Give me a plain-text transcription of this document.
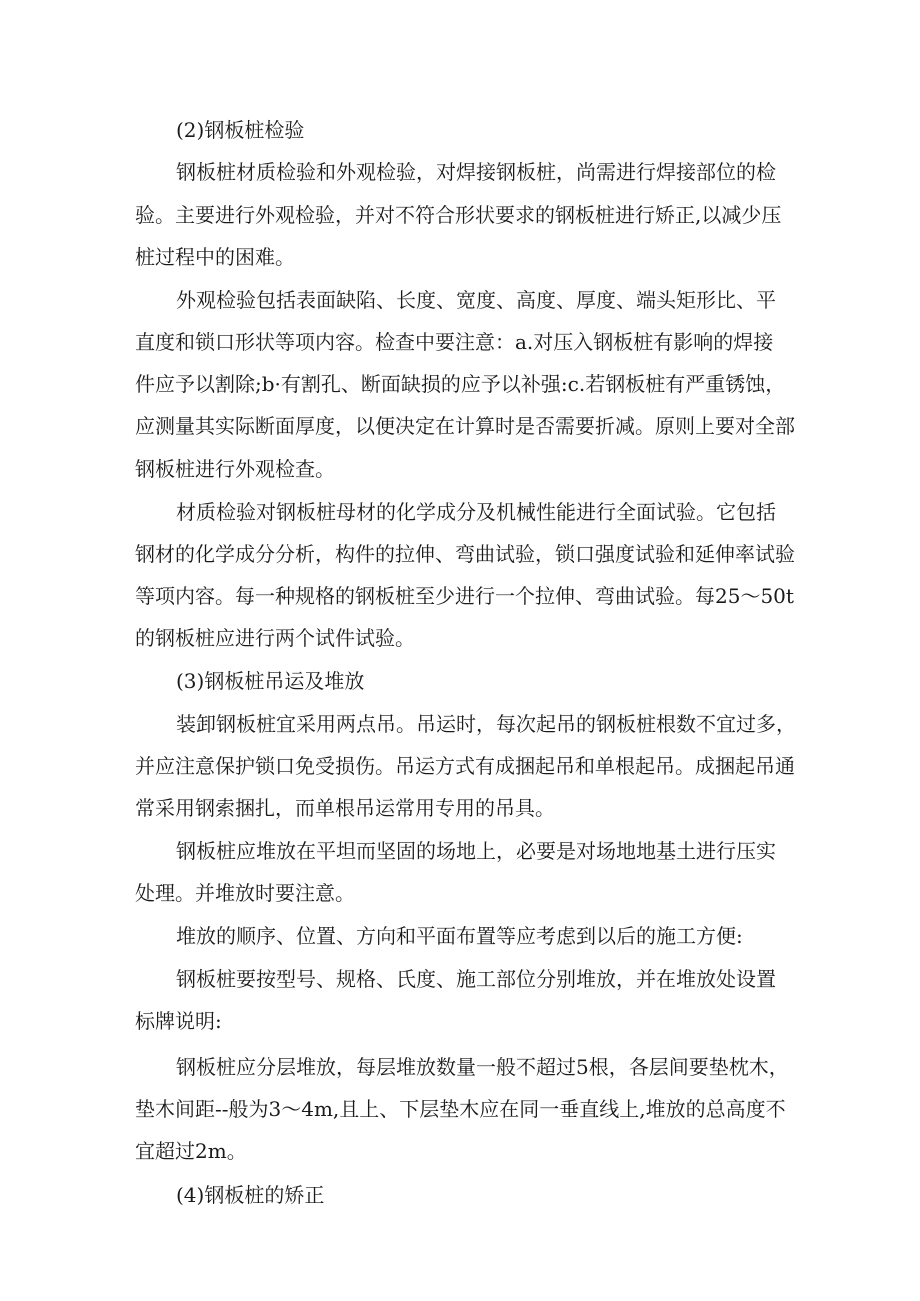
(2)钢板桩检验
钢板桩材质检验和外观检验，对焊接钢板桩，尚需进行焊接部位的检
验。主要进行外观检验，并对不符合形状要求的钢板桩进行矫正,以减少压
桩过程中的困难。
外观检验包括表面缺陷、长度、宽度、高度、厚度、端头矩形比、平
直度和锁口形状等项内容。检查中要注意：a.对压入钢板桩有影响的焊接
件应予以割除;b·有割孔、断面缺损的应予以补强:c.若钢板桩有严重锈蚀，
应测量其实际断面厚度，以便决定在计算时是否需要折减。原则上要对全部
钢板桩进行外观检查。
材质检验对钢板桩母材的化学成分及机械性能进行全面试验。它包括
钢材的化学成分分析，构件的拉伸、弯曲试验，锁口强度试验和延伸率试验
等项内容。每一种规格的钢板桩至少进行一个拉伸、弯曲试验。每25～50t
的钢板桩应进行两个试件试验。
(3)钢板桩吊运及堆放
装卸钢板桩宜采用两点吊。吊运时，每次起吊的钢板桩根数不宜过多，
并应注意保护锁口免受损伤。吊运方式有成捆起吊和单根起吊。成捆起吊通
常采用钢索捆扎，而单根吊运常用专用的吊具。
钢板桩应堆放在平坦而坚固的场地上，必要是对场地地基土进行压实
处理。并堆放时要注意。
堆放的顺序、位置、方向和平面布置等应考虑到以后的施工方便:
钢板桩要按型号、规格、氏度、施工部位分别堆放，并在堆放处设置
标牌说明:
钢板桩应分层堆放，每层堆放数量一般不超过5根，各层间要垫枕木，
垫木间距--般为3～4m,且上、下层垫木应在同一垂直线上,堆放的总高度不
宜超过2m。
(4)钢板桩的矫正
